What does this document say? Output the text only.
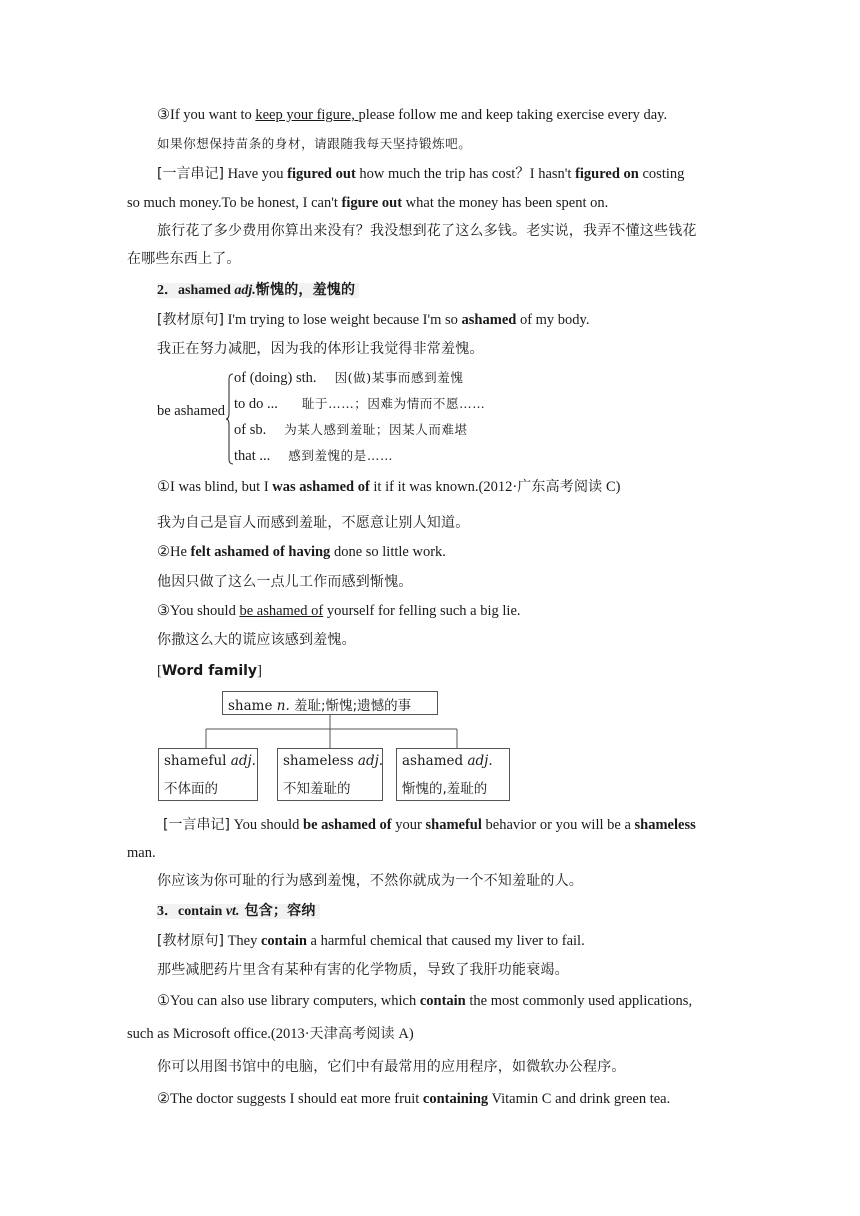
③If you want to keep your figure, please follow me and keep taking exercise every day.
如果你想保持苗条的身材，请跟随我每天坚持锻炼吧。
[一言串记] Have you figured out how much the trip has cost？I hasn't figured on costing
so much money.To be honest, I can't figure out what the money has been spent on.
旅行花了多少费用你算出来没有？我没想到花了这么多钱。老实说，我弄不懂这些钱花
在哪些东西上了。
2．ashamed adj.惭愧的，羞愧的
[教材原句] I'm trying to lose weight because I'm so ashamed of my body.
我正在努力减肥，因为我的体形让我觉得非常羞愧。
be ashamed
of (doing) sth. 因(做)某事而感到羞愧
to do ... 耻于……；因难为情而不愿……
of sb. 为某人感到羞耻；因某人而难堪
that ... 感到羞愧的是……
①I was blind, but I was ashamed of it if it was known.(2012·广东高考阅读 C)
我为自己是盲人而感到羞耻，不愿意让别人知道。
②He felt ashamed of having done so little work.
他因只做了这么一点儿工作而感到惭愧。
③You should be ashamed of yourself for felling such a big lie.
你撒这么大的谎应该感到羞愧。
[Word family]
shame n. 羞耻;惭愧;遗憾的事
shameful adj.
不体面的
shameless adj.
不知羞耻的
ashamed adj.
惭愧的,羞耻的
[一言串记] You should be ashamed of your shameful behavior or you will be a shameless
man.
你应该为你可耻的行为感到羞愧，不然你就成为一个不知羞耻的人。
3．contain vt. 包含；容纳
[教材原句] They contain a harmful chemical that caused my liver to fail.
那些减肥药片里含有某种有害的化学物质，导致了我肝功能衰竭。
①You can also use library computers, which contain the most commonly used applications,
such as Microsoft office.(2013·天津高考阅读 A)
你可以用图书馆中的电脑，它们中有最常用的应用程序，如微软办公程序。
②The doctor suggests I should eat more fruit containing Vitamin C and drink green tea.
